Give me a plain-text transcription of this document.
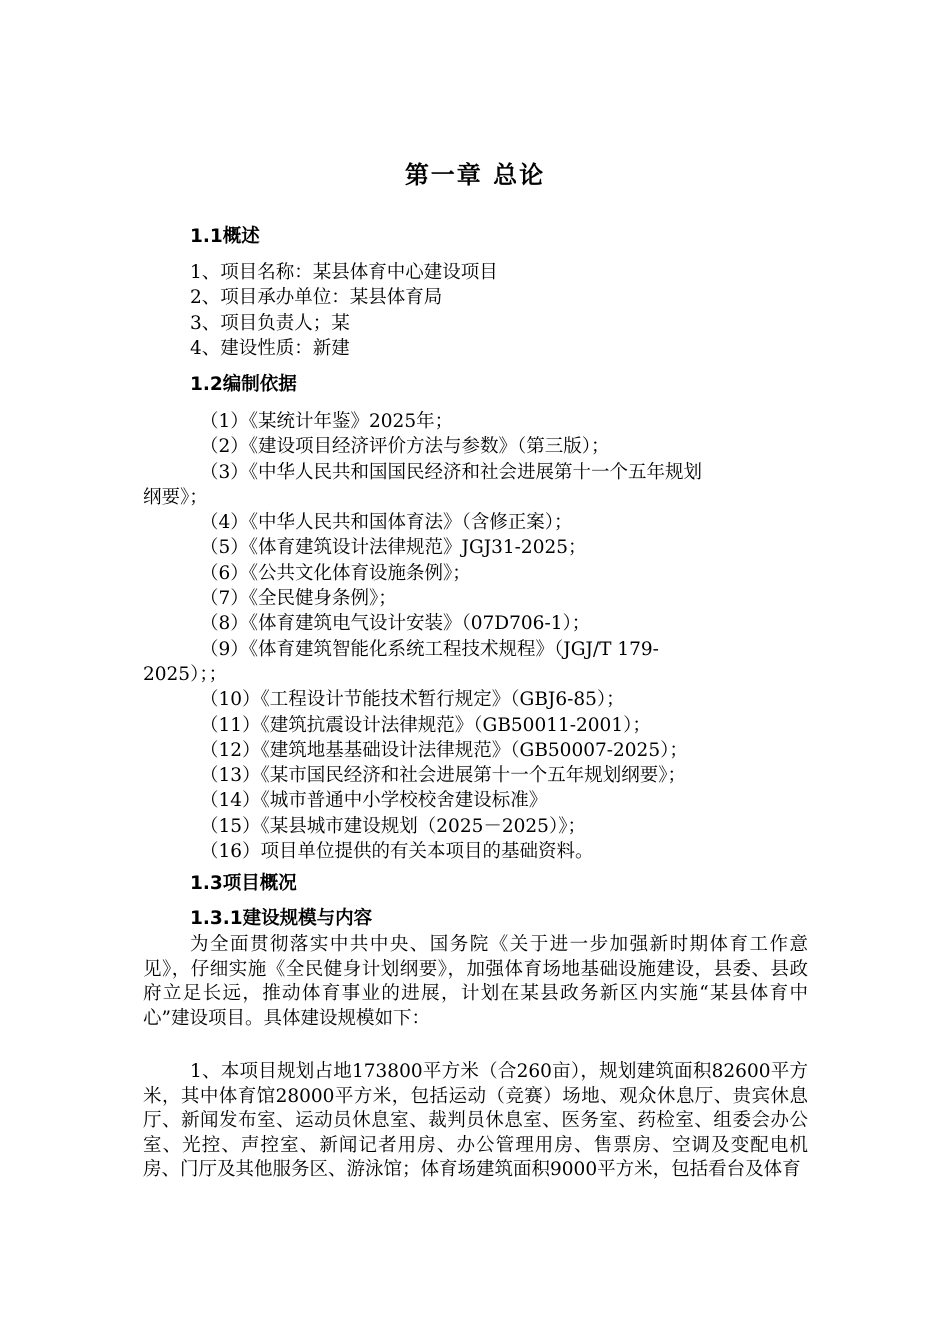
第一章 总论
1.1概述
1、项目名称：某县体育中心建设项目
2、项目承办单位：某县体育局
3、项目负责人；某
4、建设性质：新建
1.2编制依据
（1）《某统计年鉴》2025年；
（2）《建设项目经济评价方法与参数》（第三版）；
（3）《中华人民共和国国民经济和社会进展第十一个五年规划
纲要》；
（4）《中华人民共和国体育法》（含修正案）；
（5）《体育建筑设计法律规范》JGJ31-2025；
（6）《公共文化体育设施条例》；
（7）《全民健身条例》；
（8）《体育建筑电气设计安装》（07D706-1）；
（9）《体育建筑智能化系统工程技术规程》（JGJ/T 179-
2025）；；
（10）《工程设计节能技术暂行规定》（GBJ6-85）；
（11）《建筑抗震设计法律规范》（GB50011-2001）；
（12）《建筑地基基础设计法律规范》（GB50007-2025）；
（13）《某市国民经济和社会进展第十一个五年规划纲要》；
（14）《城市普通中小学校校舍建设标准》
（15）《某县城市建设规划（2025－2025）》；
（16）项目单位提供的有关本项目的基础资料。
1.3项目概况
1.3.1建设规模与内容
为全面贯彻落实中共中央、国务院《关于进一步加强新时期体育工作意见》，仔细实施《全民健身计划纲要》，加强体育场地基础设施建设，县委、县政府立足长远，推动体育事业的进展，计划在某县政务新区内实施“某县体育中心”建设项目。具体建设规模如下：
1、本项目规划占地173800平方米（合260亩），规划建筑面积82600平方米，其中体育馆28000平方米，包括运动（竞赛）场地、观众休息厅、贵宾休息厅、新闻发布室、运动员休息室、裁判员休息室、医务室、药检室、组委会办公室、光控、声控室、新闻记者用房、办公管理用房、售票房、空调及变配电机房、门厅及其他服务区、游泳馆；体育场建筑面积9000平方米，包括看台及体育
